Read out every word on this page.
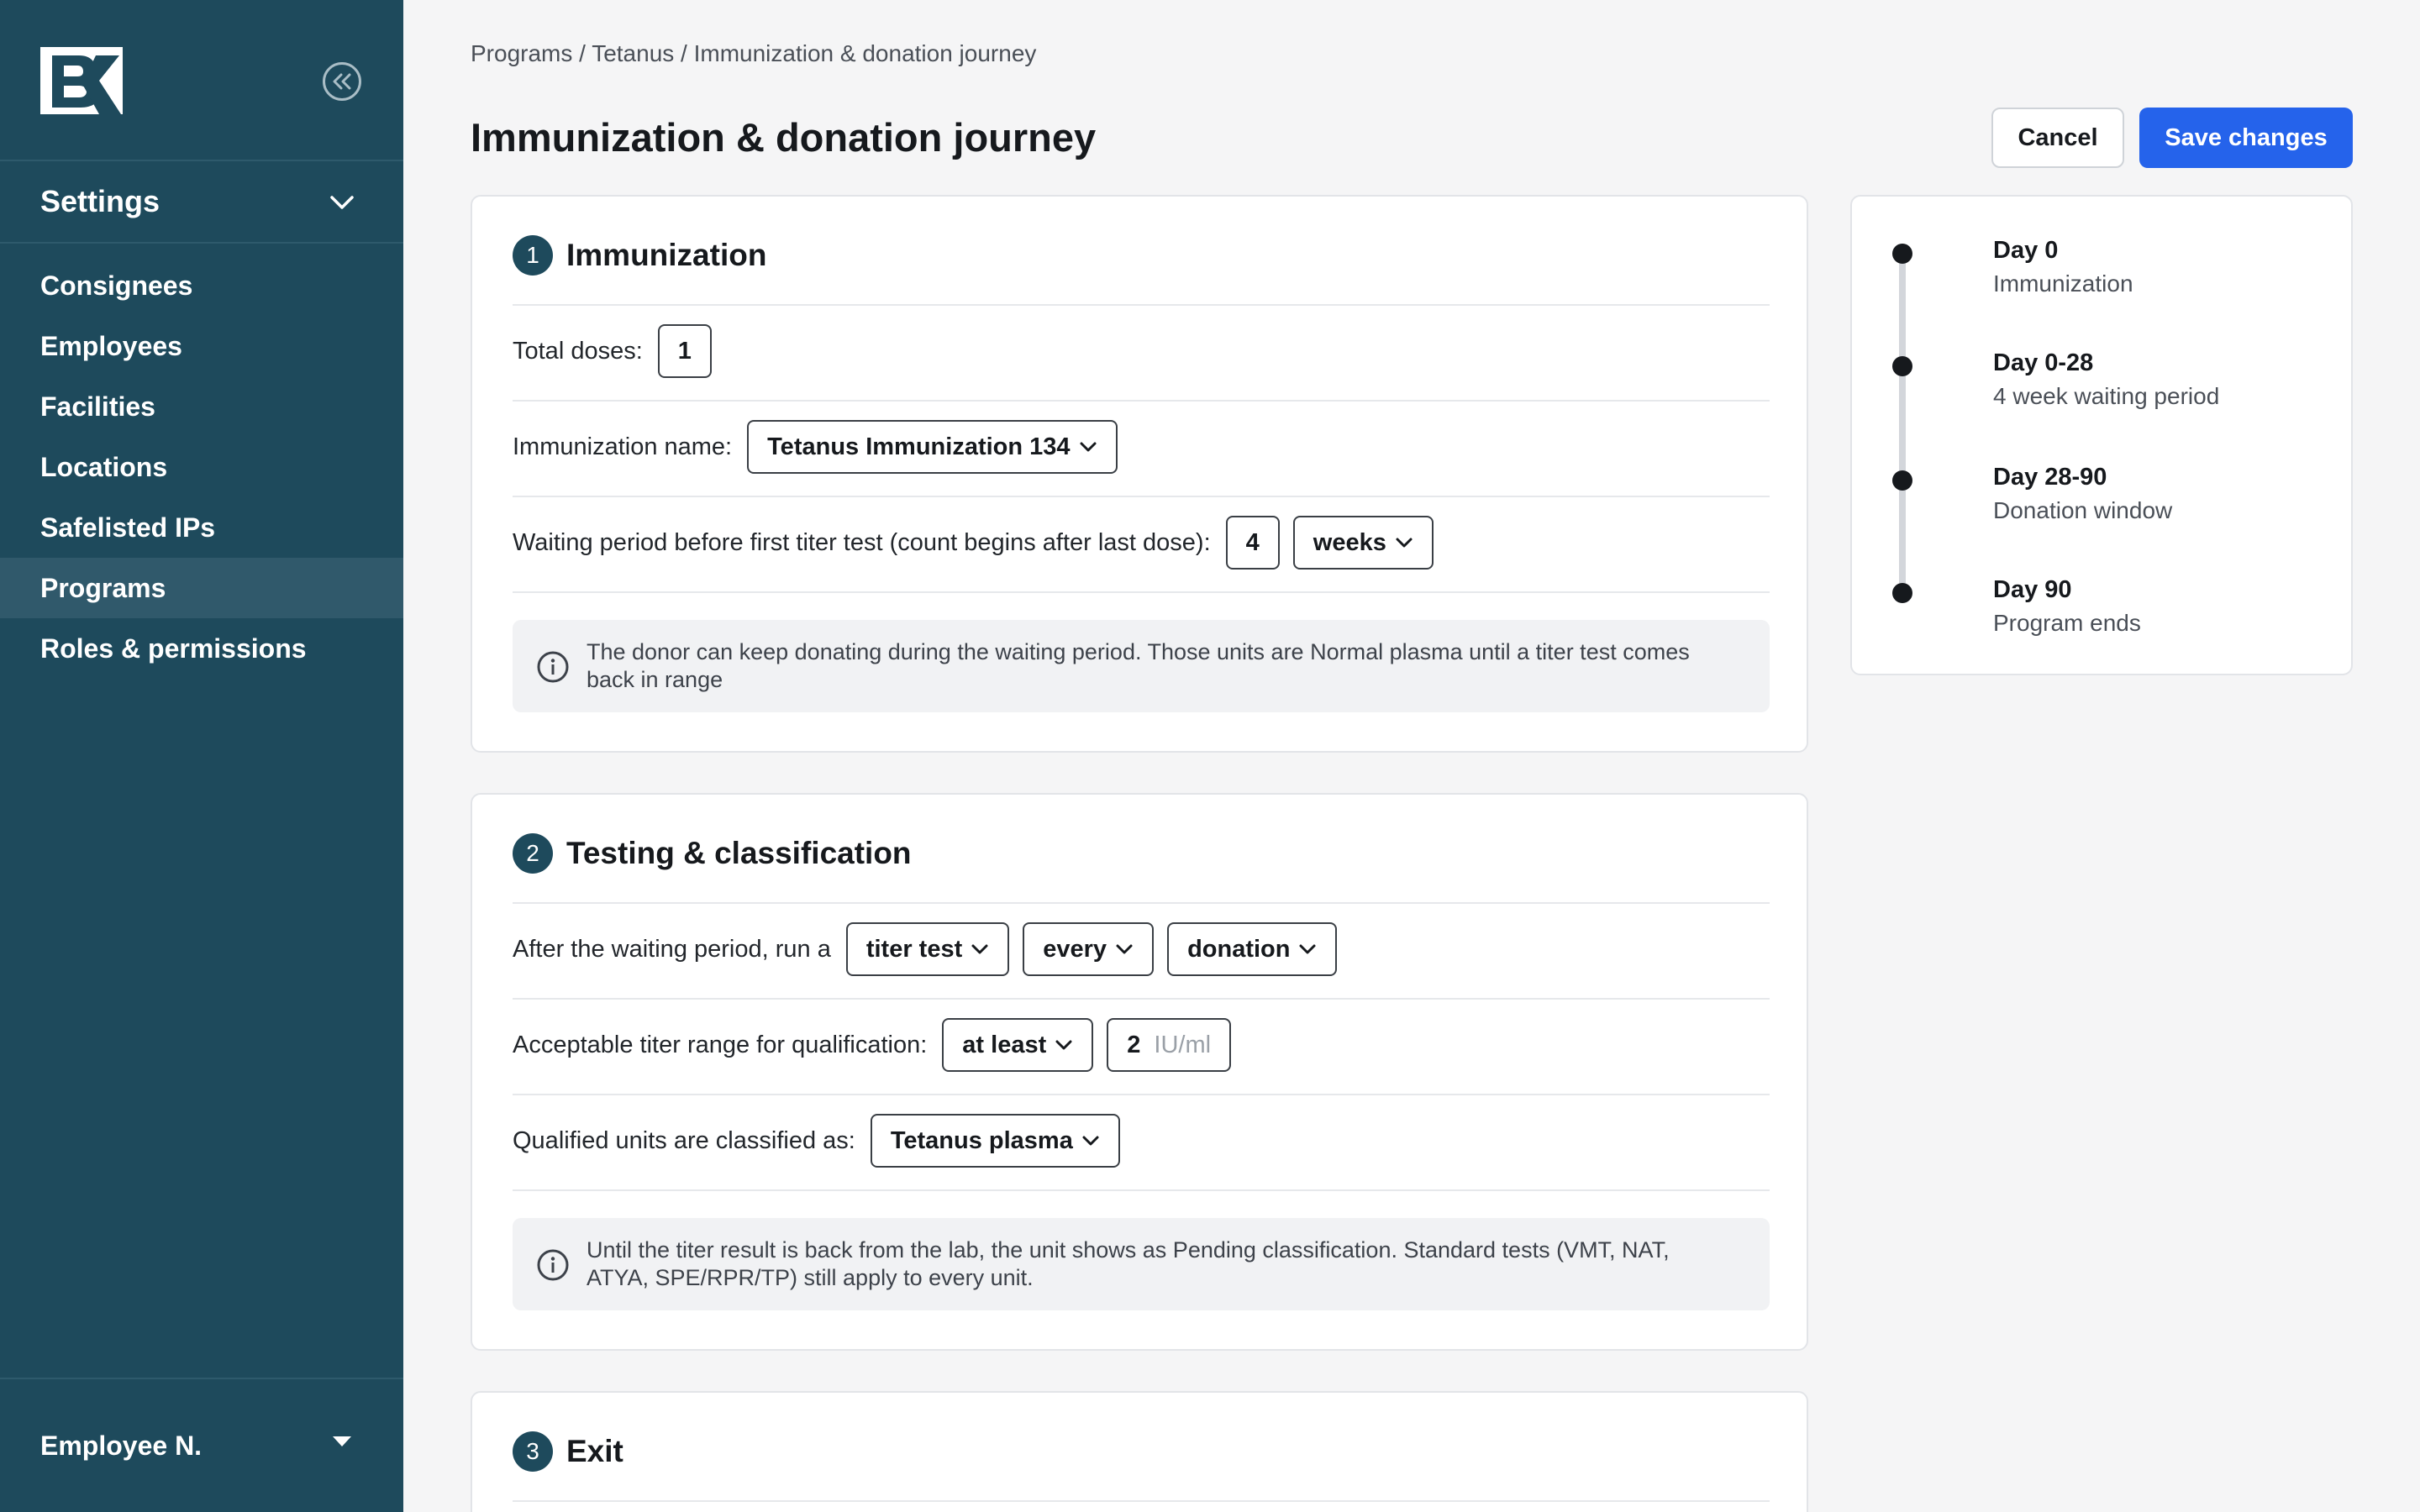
Settings
Consignees
Employees
Facilities
Locations
Safelisted IPs
Programs
Roles & permissions
Employee N.
Programs / Tetanus / Immunization & donation journey
Immunization & donation journey	Cancel	Save changes
1 Immunization
Total doses:	1
Immunization name: Tetanus Immunization 134
Waiting period before first titer test (count begins after last dose):	4	weeks
The donor can keep donating during the waiting period. Those units are Normal plasma until a titer test comes back in range
2 Testing & classification
After the waiting period, run a titer test	every	donation
Acceptable titer range for qualification: at least	2 IU/ml
Qualified units are classified as: Tetanus plasma
Until the titer result is back from the lab, the unit shows as Pending classification. Standard tests (VMT, NAT, ATYA, SPE/RPR/TP) still apply to every unit.
3 Exit
Day 0
Immunization
Day 0-28
4 week waiting period
Day 28-90
Donation window
Day 90
Program ends
